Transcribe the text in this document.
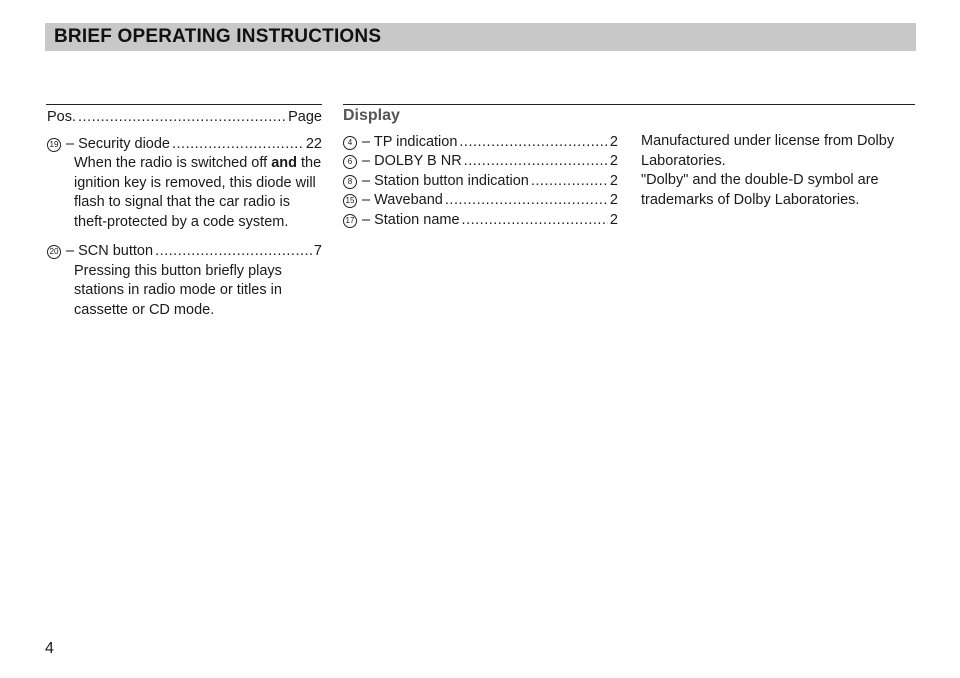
BRIEF OPERATING INSTRUCTIONS
Pos. .....	Page
19 – Security diode .....	22
When the radio is switched off and the ignition key is removed, this diode will flash to signal that the car radio is theft-protected by a code system.
20 – SCN button .....	7
Pressing this button briefly plays stations in radio mode or titles in cassette or CD mode.
Display
4 – TP indication .....	2
6 – DOLBY B NR .....	2
8 – Station button indication .....	2
15 – Waveband .....	2
17 – Station name .....	2

Manufactured under license from Dolby Laboratories.

"Dolby" and the double-D symbol are trademarks of Dolby Laboratories.

4
